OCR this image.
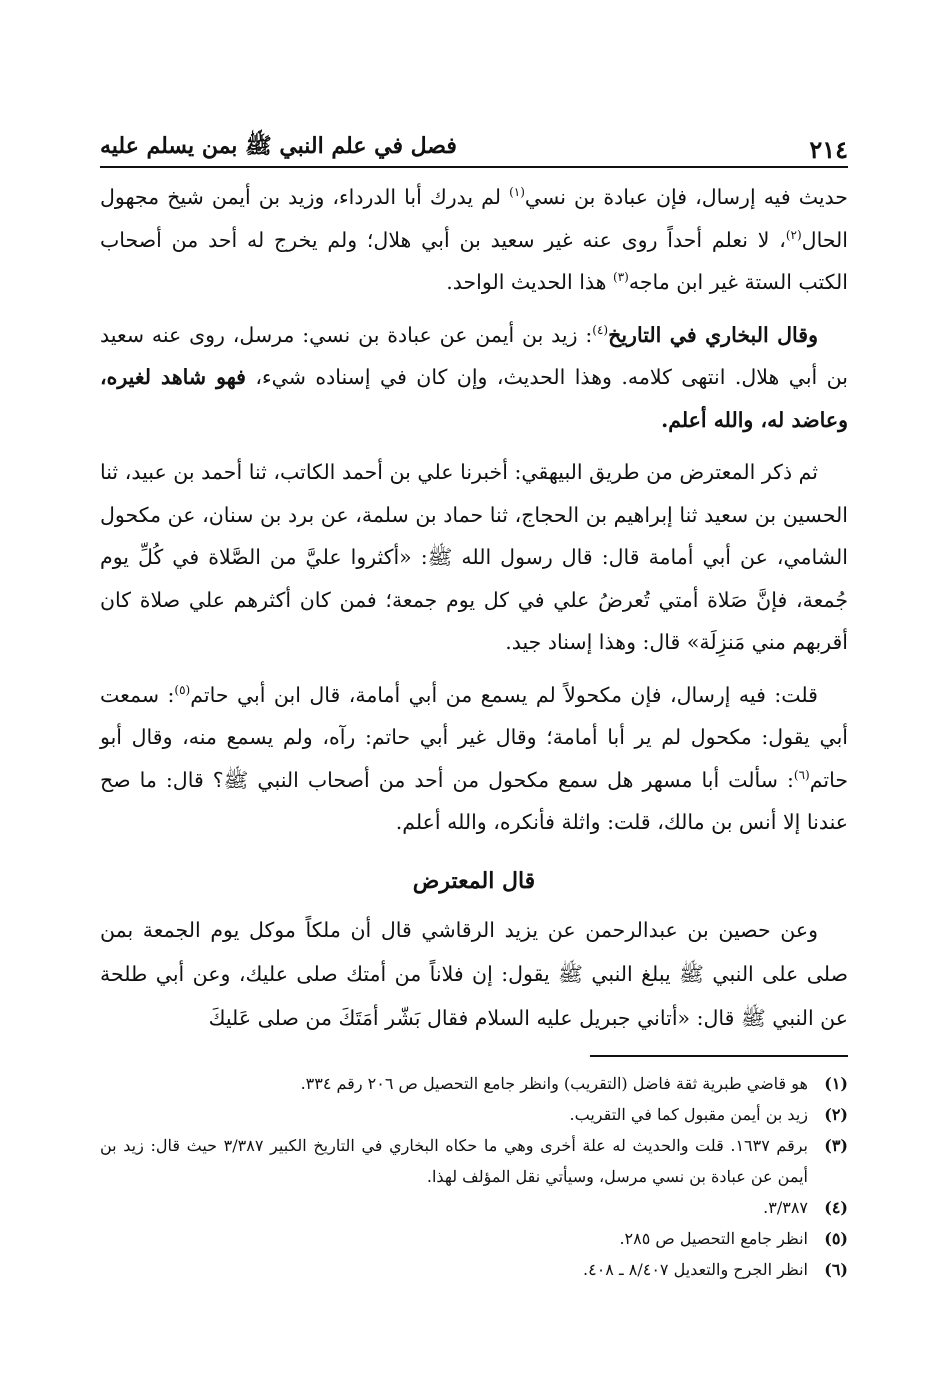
٢١٤
فصل في علم النبي ﷺ بمن يسلم عليه

حديث فيه إرسال، فإن عبادة بن نسي$^{(١)}$ لم يدرك أبا الدرداء، وزيد بن أيمن شيخ مجهول الحال$^{(٢)}$، لا نعلم أحداً روى عنه غير سعيد بن أبي هلال؛ ولم يخرج له أحد من أصحاب الكتب الستة غير ابن ماجه$^{(٣)}$ هذا الحديث الواحد.

وقال البخاري في التاريخ$^{(٤)}$: زيد بن أيمن عن عبادة بن نسي: مرسل، روى عنه سعيد بن أبي هلال. انتهى كلامه. وهذا الحديث، وإن كان في إسناده شيء، فهو شاهد لغيره، وعاضد له، والله أعلم.

ثم ذكر المعترض من طريق البيهقي: أخبرنا علي بن أحمد الكاتب، ثنا أحمد بن عبيد، ثنا الحسين بن سعيد ثنا إبراهيم بن الحجاج، ثنا حماد بن سلمة، عن برد بن سنان، عن مكحول الشامي، عن أبي أمامة قال: قال رسول الله ﷺ: «أكثروا عليَّ من الصَّلاة في كُلِّ يوم جُمعة، فإنَّ صَلاة أمتي تُعرضُ علي في كل يوم جمعة؛ فمن كان أكثرهم علي صلاة كان أقربهم مني مَنزِلَة» قال: وهذا إسناد جيد.

قلت: فيه إرسال، فإن مكحولاً لم يسمع من أبي أمامة، قال ابن أبي حاتم$^{(٥)}$: سمعت أبي يقول: مكحول لم ير أبا أمامة؛ وقال غير أبي حاتم: رآه، ولم يسمع منه، وقال أبو حاتم$^{(٦)}$: سألت أبا مسهر هل سمع مكحول من أحد من أصحاب النبي ﷺ؟ قال: ما صح عندنا إلا أنس بن مالك، قلت: واثلة فأنكره، والله أعلم.

قال المعترض

وعن حصين بن عبدالرحمن عن يزيد الرقاشي قال أن ملكاً موكل يوم الجمعة بمن صلى على النبي ﷺ يبلغ النبي ﷺ يقول: إن فلاناً من أمتك صلى عليك، وعن أبي طلحة عن النبي ﷺ قال: «أتاني جبريل عليه السلام فقال بَشّر أمَتَكَ من صلى عَليكَ

(١)
هو قاضي طبرية ثقة فاضل (التقريب) وانظر جامع التحصيل ص ٢٠٦ رقم ٣٣٤.
(٢)
زيد بن أيمن مقبول كما في التقريب.
(٣)
برقم ١٦٣٧. قلت والحديث له علة أخرى وهي ما حكاه البخاري في التاريخ الكبير ٣/٣٨٧ حيث قال: زيد بن أيمن عن عبادة بن نسي مرسل، وسيأتي نقل المؤلف لهذا.
(٤)
٣/٣٨٧.
(٥)
انظر جامع التحصيل ص ٢٨٥.
(٦)
انظر الجرح والتعديل ٨/٤٠٧ ـ ٤٠٨.
